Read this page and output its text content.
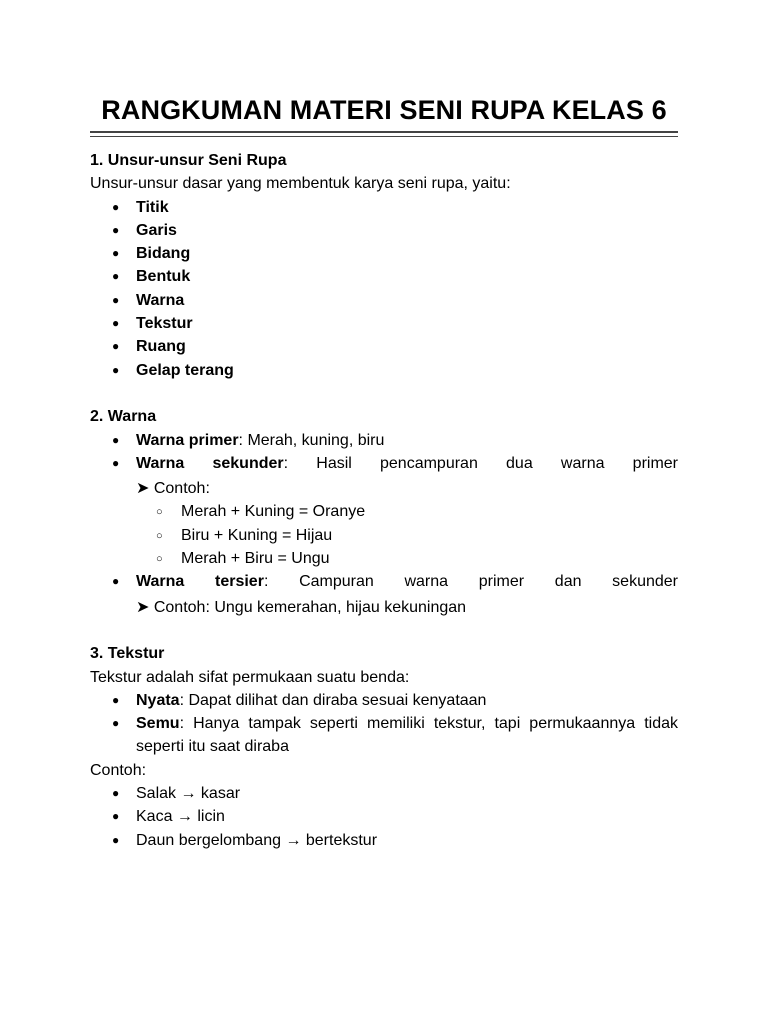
RANGKUMAN MATERI SENI RUPA KELAS 6
1. Unsur-unsur Seni Rupa
Unsur-unsur dasar yang membentuk karya seni rupa, yaitu:
● Titik
● Garis
● Bidang
● Bentuk
● Warna
● Tekstur
● Ruang
● Gelap terang
2. Warna
● Warna primer: Merah, kuning, biru
● Warna sekunder: Hasil pencampuran dua warna primer
➤ Contoh:
○ Merah + Kuning = Oranye
○ Biru + Kuning = Hijau
○ Merah + Biru = Ungu
● Warna tersier: Campuran warna primer dan sekunder
➤ Contoh: Ungu kemerahan, hijau kekuningan
3. Tekstur
Tekstur adalah sifat permukaan suatu benda:
● Nyata: Dapat dilihat dan diraba sesuai kenyataan
● Semu: Hanya tampak seperti memiliki tekstur, tapi permukaannya tidak
seperti itu saat diraba
Contoh:
● Salak → kasar
● Kaca → licin
● Daun bergelombang → bertekstur
